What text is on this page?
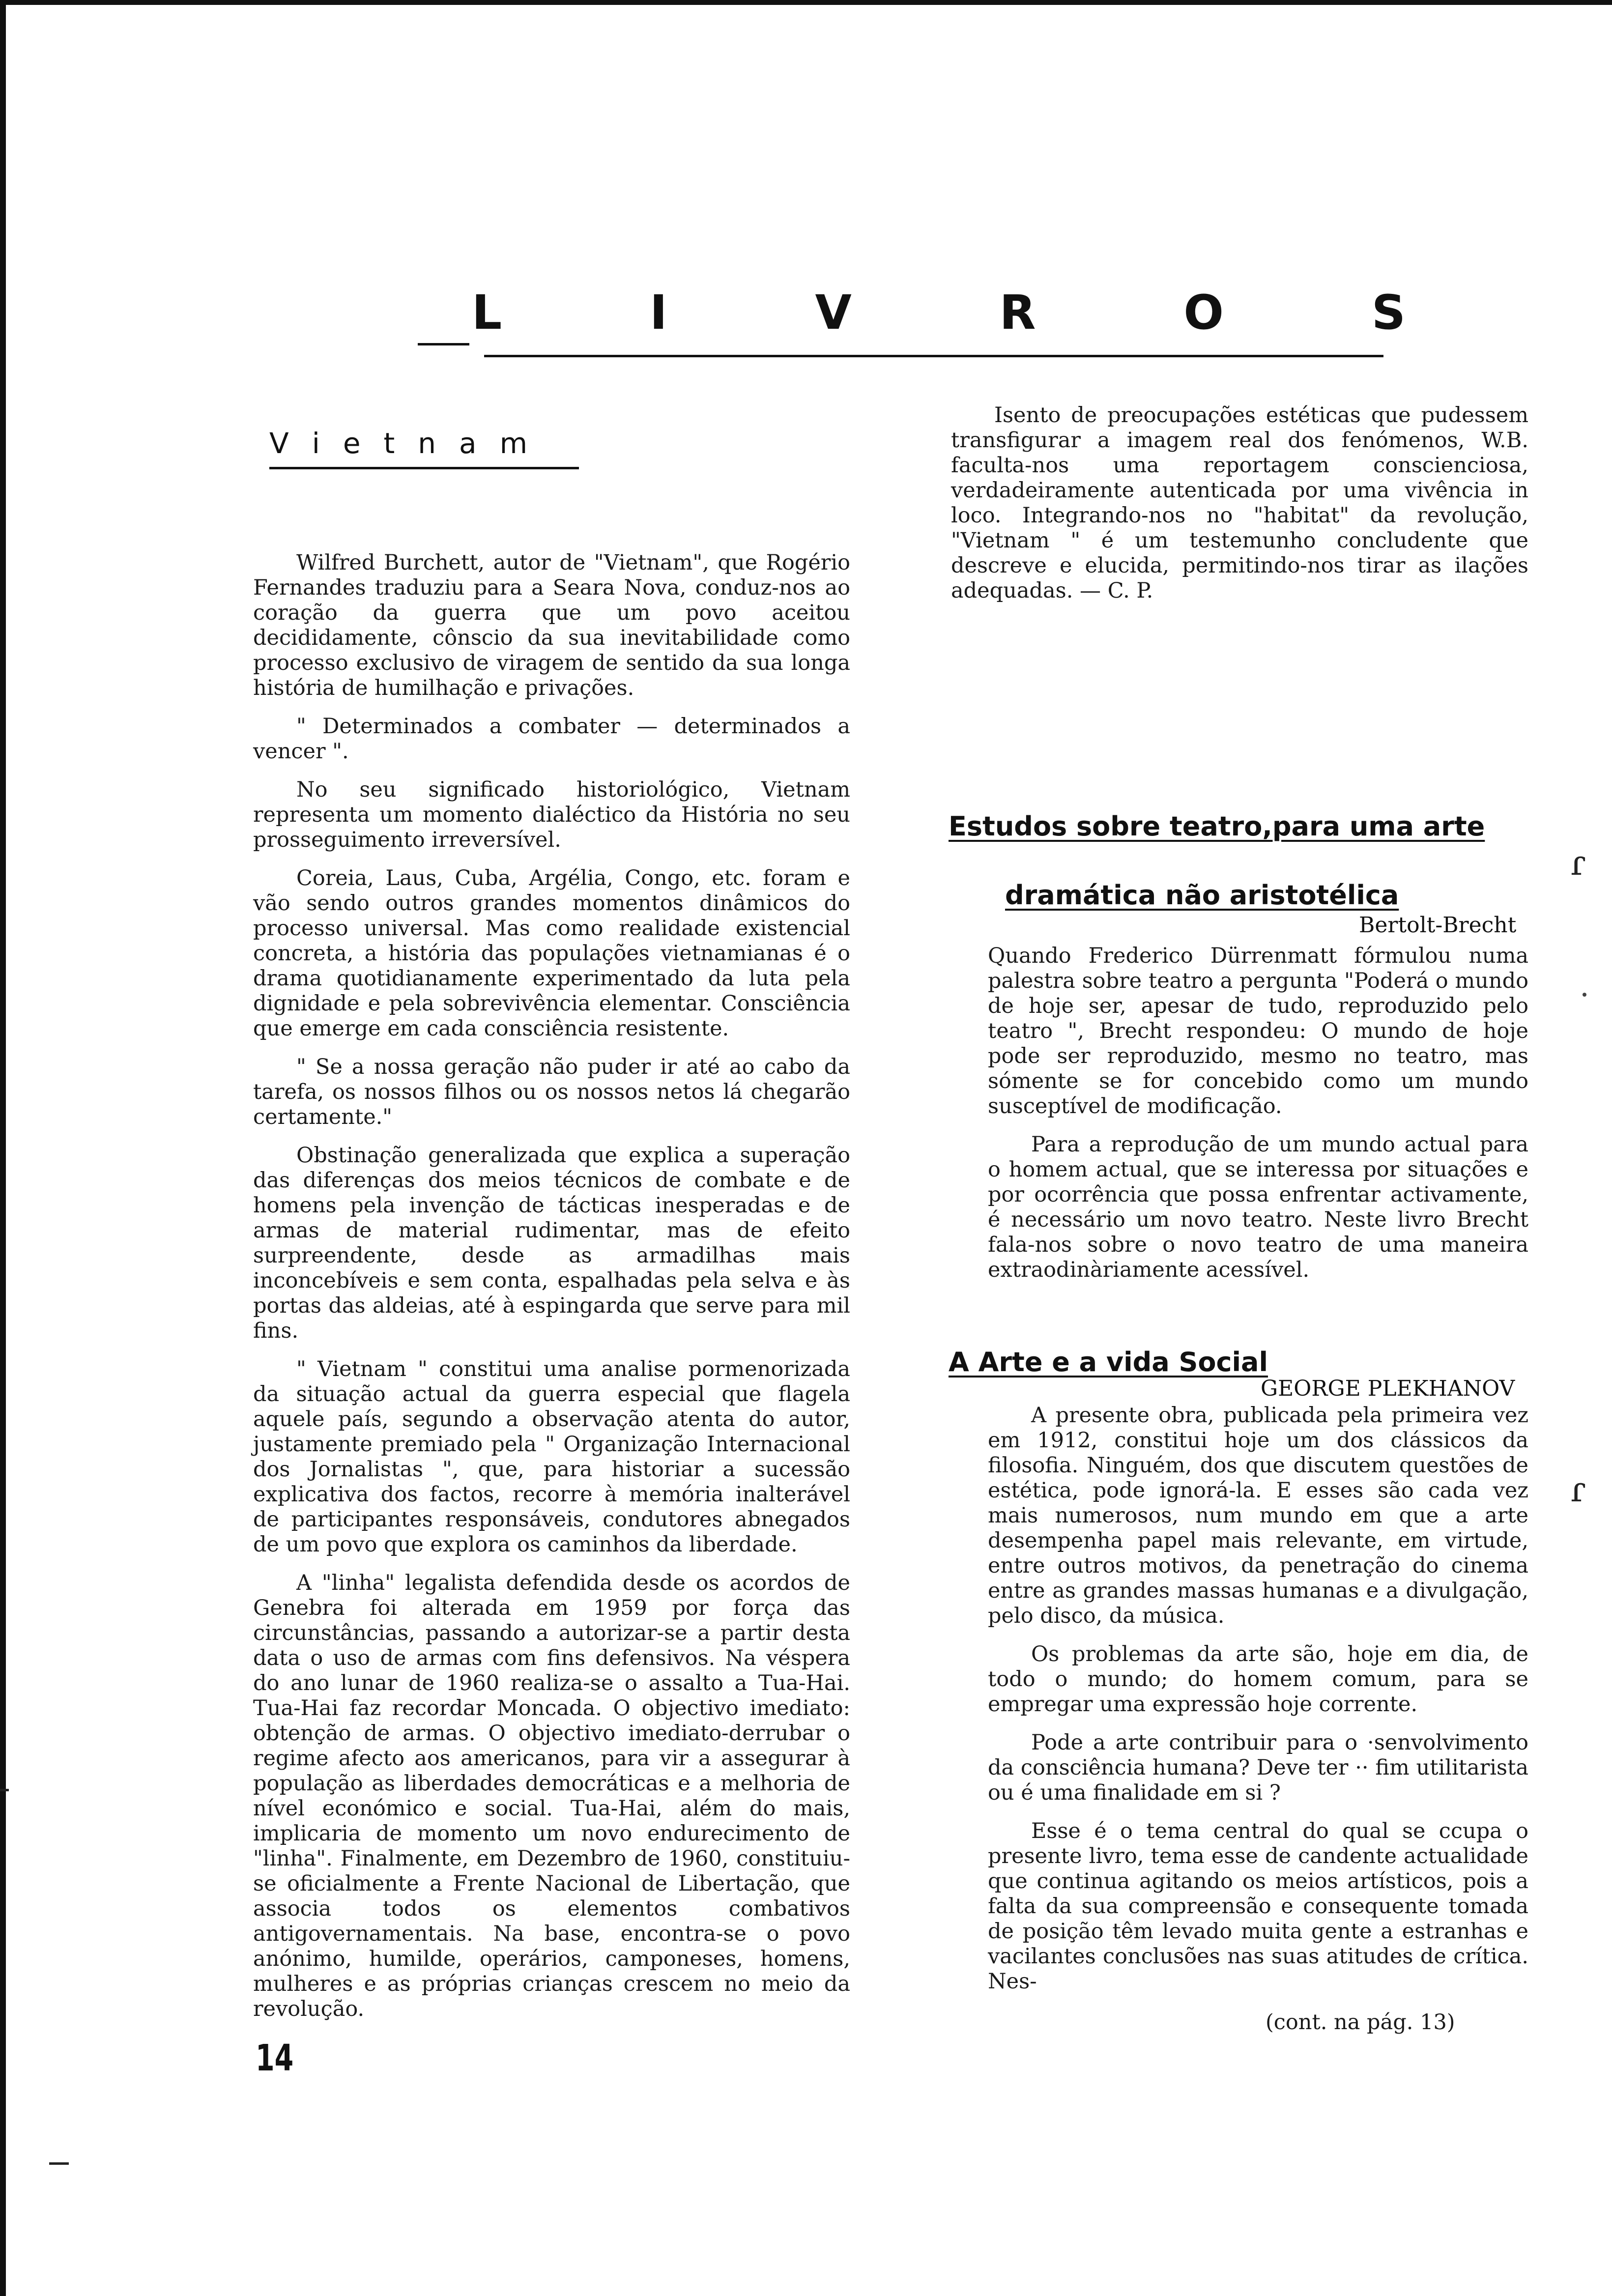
L	I	V	R	O	S
V i e t n a m

Wilfred Burchett, autor de "Vietnam", que Rogério Fernandes traduziu para a Seara Nova, conduz-nos ao coração da guerra que um povo aceitou decididamente, cônscio da sua inevitabilidade como processo exclusivo de viragem de sentido da sua longa história de humilhação e privações.

" Determinados a combater — determinados a vencer ".

No seu significado historiológico, Vietnam representa um momento dialéctico da História no seu prosseguimento irreversível.

Coreia, Laus, Cuba, Argélia, Congo, etc. foram e vão sendo outros grandes momentos dinâmicos do processo universal. Mas como realidade existencial concreta, a história das populações vietnamianas é o drama quotidianamente experimentado da luta pela dignidade e pela sobrevivência elementar. Consciência que emerge em cada consciência resistente.

" Se a nossa geração não puder ir até ao cabo da tarefa, os nossos filhos ou os nossos netos lá chegarão certamente."

Obstinação generalizada que explica a superação das diferenças dos meios técnicos de combate e de homens pela invenção de tácticas inesperadas e de armas de material rudimentar, mas de efeito surpreendente, desde as armadilhas mais inconcebíveis e sem conta, espalhadas pela selva e às portas das aldeias, até à espingarda que serve para mil fins.

" Vietnam " constitui uma analise pormenorizada da situação actual da guerra especial que flagela aquele país, segundo a observação atenta do autor, justamente premiado pela " Organização Internacional dos Jornalistas ", que, para historiar a sucessão explicativa dos factos, recorre à memória inalterável de participantes responsáveis, condutores abnegados de um povo que explora os caminhos da liberdade.

A "linha" legalista defendida desde os acordos de Genebra foi alterada em 1959 por força das circunstâncias, passando a autorizar-se a partir desta data o uso de armas com fins defensivos. Na véspera do ano lunar de 1960 realiza-se o assalto a Tua-Hai. Tua-Hai faz recordar Moncada. O objectivo imediato: obtenção de armas. O objectivo imediato-derrubar o regime afecto aos americanos, para vir a assegurar à população as liberdades democráticas e a melhoria de nível económico e social. Tua-Hai, além do mais, implicaria de momento um novo endurecimento de "linha". Finalmente, em Dezembro de 1960, constituiu-se oficialmente a Frente Nacional de Libertação, que associa todos os elementos combativos antigovernamentais. Na base, encontra-se o povo anónimo, humilde, operários, camponeses, homens, mulheres e as próprias crianças crescem no meio da revolução.

Isento de preocupações estéticas que pudessem transfigurar a imagem real dos fenómenos, W.B. faculta-nos uma reportagem conscienciosa, verdadeiramente autenticada por uma vivência in loco. Integrando-nos no "habitat" da revolução, "Vietnam " é um testemunho concludente que descreve e elucida, permitindo-nos tirar as ilações adequadas. — C. P.

Estudos sobre teatro,para uma arte
dramática não aristotélica
Bertolt-Brecht

Quando Frederico Dürrenmatt fórmulou numa palestra sobre teatro a pergunta "Poderá o mundo de hoje ser, apesar de tudo, reproduzido pelo teatro ", Brecht respondeu: O mundo de hoje pode ser reproduzido, mesmo no teatro, mas sómente se for concebido como um mundo susceptível de modificação.

Para a reprodução de um mundo actual para o homem actual, que se interessa por situações e por ocorrência que possa enfrentar activamente, é necessário um novo teatro. Neste livro Brecht fala-nos sobre o novo teatro de uma maneira extraodinàriamente acessível.

A Arte e a vida Social
GEORGE PLEKHANOV

A presente obra, publicada pela primeira vez em 1912, constitui hoje um dos clássicos da filosofia. Ninguém, dos que discutem questões de estética, pode ignorá-la. E esses são cada vez mais numerosos, num mundo em que a arte desempenha papel mais relevante, em virtude, entre outros motivos, da penetração do cinema entre as grandes massas humanas e a divulgação, pelo disco, da música.

Os problemas da arte são, hoje em dia, de todo o mundo; do homem comum, para se empregar uma expressão hoje corrente.

Pode a arte contribuir para o ·senvolvimento da consciência humana? Deve ter ·· fim utilitarista ou é uma finalidade em si ?

Esse é o tema central do qual se ccupa o presente livro, tema esse de candente actualidade que continua agitando os meios artísticos, pois a falta da sua compreensão e consequente tomada de posição têm levado muita gente a estranhas e vacilantes conclusões nas suas atitudes de crítica. Nes-

(cont. na pág. 13)
14
ɾ
ɾ
